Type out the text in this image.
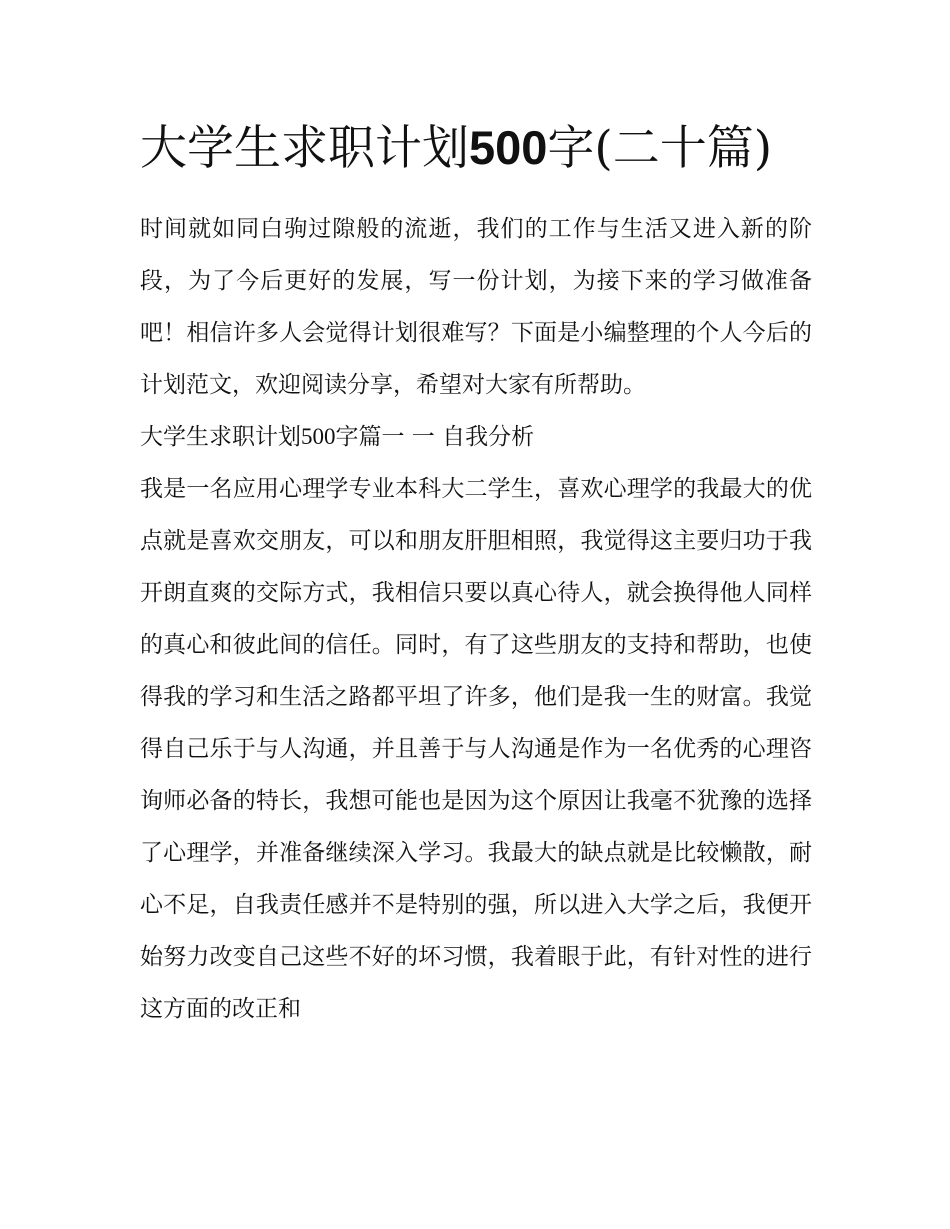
大学生求职计划500字(二十篇)

时间就如同白驹过隙般的流逝，我们的工作与生活又进入新的阶段，为了今后更好的发展，写一份计划，为接下来的学习做准备吧！相信许多人会觉得计划很难写？下面是小编整理的个人今后的计划范文，欢迎阅读分享，希望对大家有所帮助。

大学生求职计划500字篇一 一 自我分析

我是一名应用心理学专业本科大二学生，喜欢心理学的我最大的优点就是喜欢交朋友，可以和朋友肝胆相照，我觉得这主要归功于我开朗直爽的交际方式，我相信只要以真心待人，就会换得他人同样的真心和彼此间的信任。同时，有了这些朋友的支持和帮助，也使得我的学习和生活之路都平坦了许多，他们是我一生的财富。我觉得自己乐于与人沟通，并且善于与人沟通是作为一名优秀的心理咨询师必备的特长，我想可能也是因为这个原因让我毫不犹豫的选择了心理学，并准备继续深入学习。我最大的缺点就是比较懒散，耐心不足，自我责任感并不是特别的强，所以进入大学之后，我便开始努力改变自己这些不好的坏习惯，我着眼于此，有针对性的进行这方面的改正和
